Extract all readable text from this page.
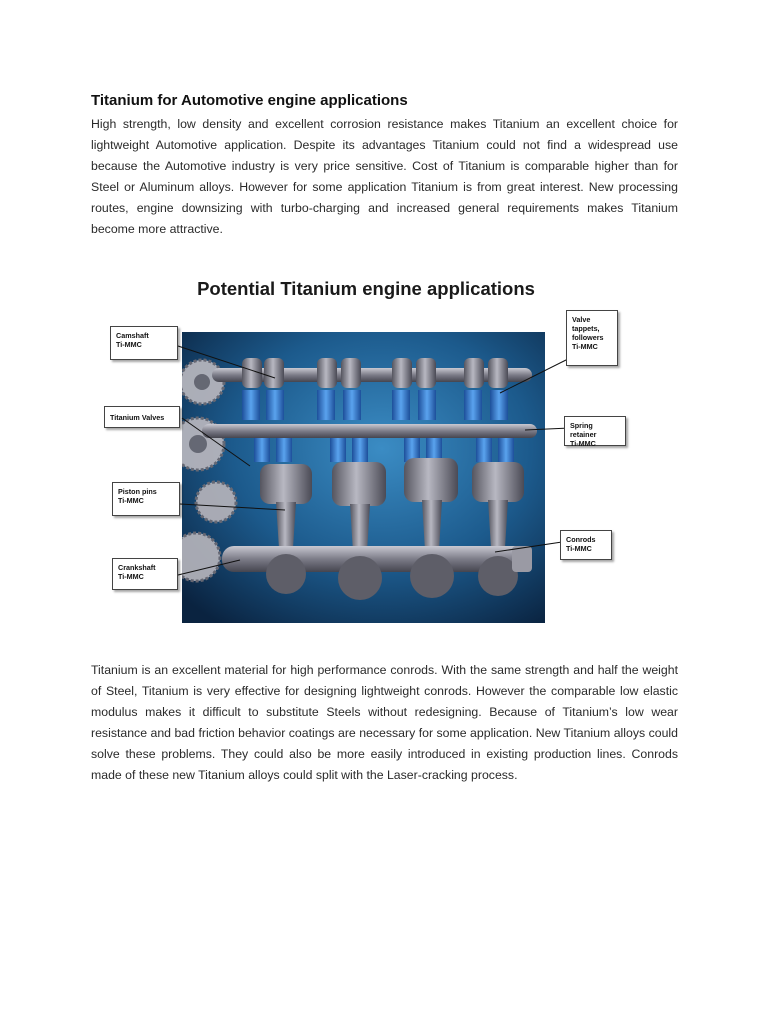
Titanium for Automotive engine applications

High strength, low density and excellent corrosion resistance makes Titanium an excellent choice for lightweight Automotive application. Despite its advantages Titanium could not find a widespread use because the Automotive industry is very price sensitive. Cost of Titanium is comparable higher than for Steel or Aluminum alloys. However for some application Titanium is from great interest. New processing routes, engine downsizing with turbo-charging and increased general requirements makes Titanium become more attractive.

Potential Titanium engine applications
Camshaft
Ti-MMC
Titanium Valves
Piston pins
Ti-MMC
Crankshaft
Ti-MMC
Valve
tappets,
followers
Ti-MMC
Spring retainer
Ti-MMC
Conrods
Ti-MMC

Titanium is an excellent material for high performance conrods. With the same strength and half the weight of Steel, Titanium is very effective for designing lightweight conrods. However the comparable low elastic modulus makes it difficult to substitute Steels without redesigning. Because of Titanium’s low wear resistance and bad friction behavior coatings are necessary for some application. New Titanium alloys could solve these problems. They could also be more easily introduced in existing production lines. Conrods made of these new Titanium alloys could split with the Laser-cracking process.
